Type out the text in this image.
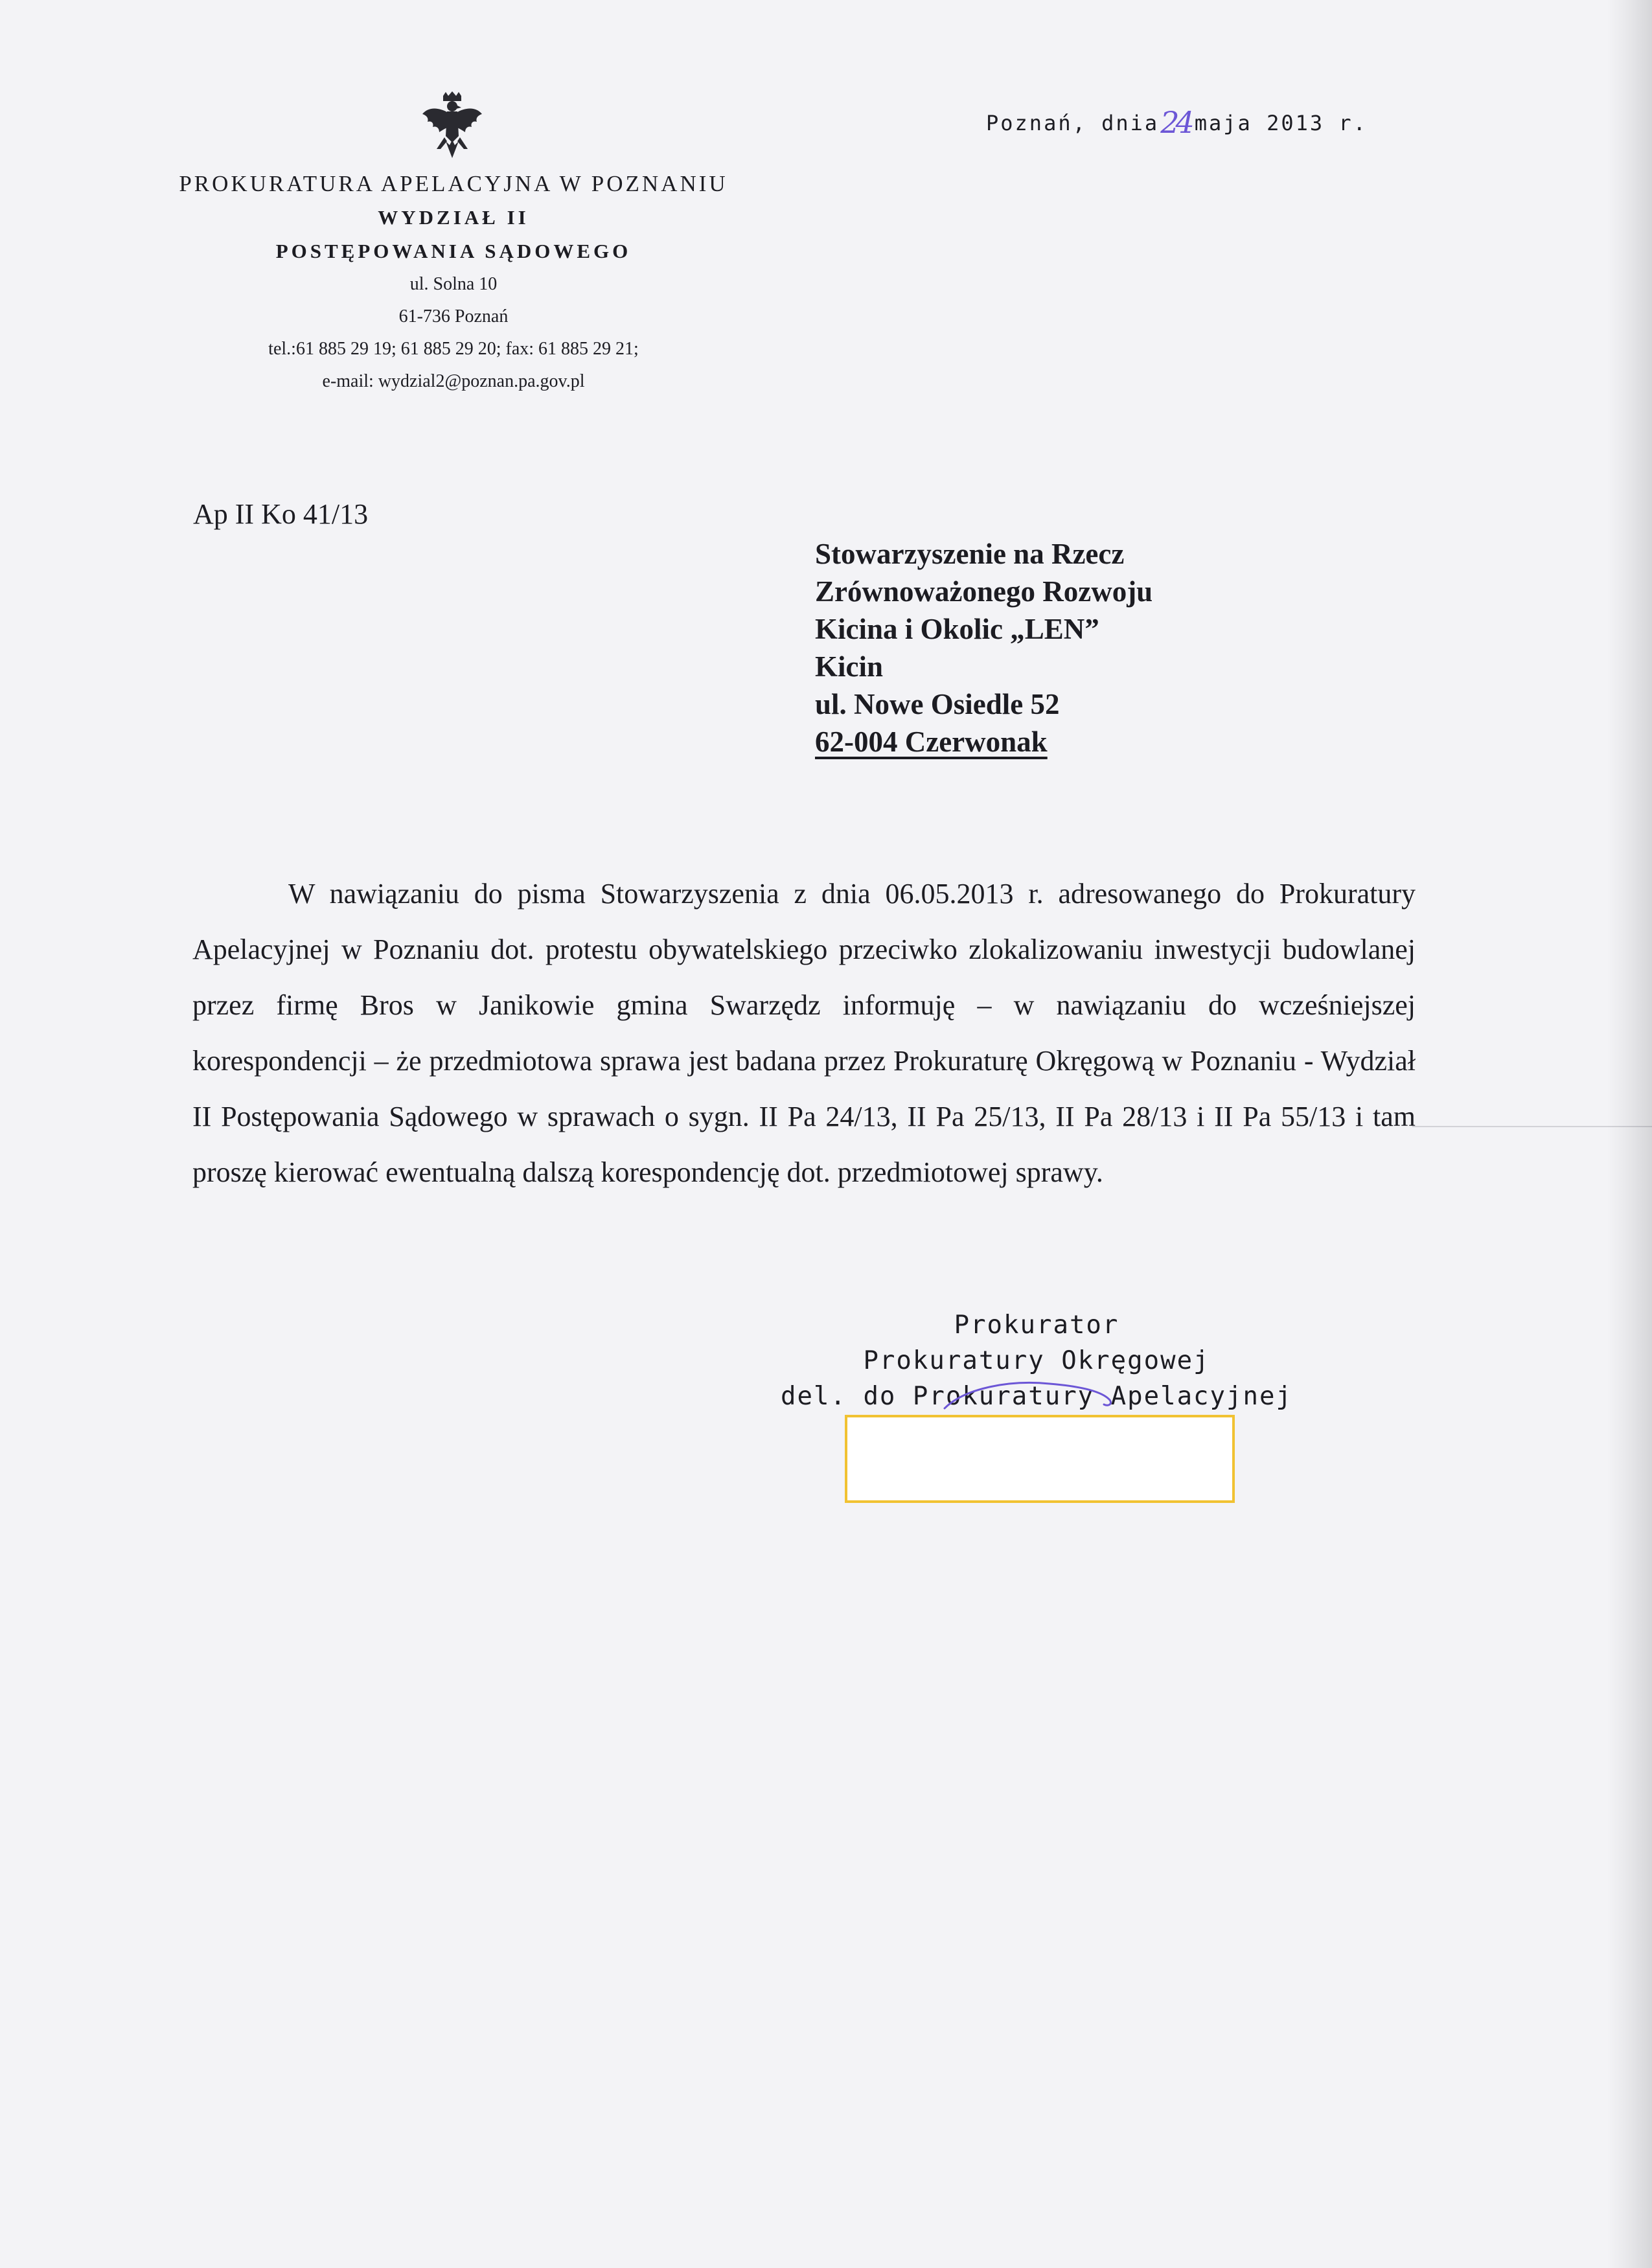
PROKURATURA APELACYJNA W POZNANIU
WYDZIAŁ II
POSTĘPOWANIA SĄDOWEGO
ul. Solna 10
61-736 Poznań
tel.:61 885 29 19; 61 885 29 20; fax: 61 885 29 21;
e-mail: wydzial2@poznan.pa.gov.pl
Poznań, dnia24 maja 2013 r.
Ap II Ko 41/13
Stowarzyszenie na Rzecz
Zrównoważonego Rozwoju
Kicina i Okolic „LEN”
Kicin
ul. Nowe Osiedle 52
62-004 Czerwonak

W nawiązaniu do pisma Stowarzyszenia z dnia 06.05.2013 r. adresowanego do Prokuratury Apelacyjnej w Poznaniu dot. protestu obywatelskiego przeciwko zlokalizowaniu inwestycji budowlanej przez firmę Bros w Janikowie gmina Swarzędz informuję – w nawiązaniu do wcześniejszej korespondencji – że przedmiotowa sprawa jest badana przez Prokuraturę Okręgową w Poznaniu - Wydział II Postępowania Sądowego w sprawach o sygn. II Pa 24/13, II Pa 25/13, II Pa 28/13 i II Pa 55/13 i tam proszę kierować ewentualną dalszą korespondencję dot. przedmiotowej sprawy.

Prokurator
Prokuratury Okręgowej
del. do Prokuratury Apelacyjnej
